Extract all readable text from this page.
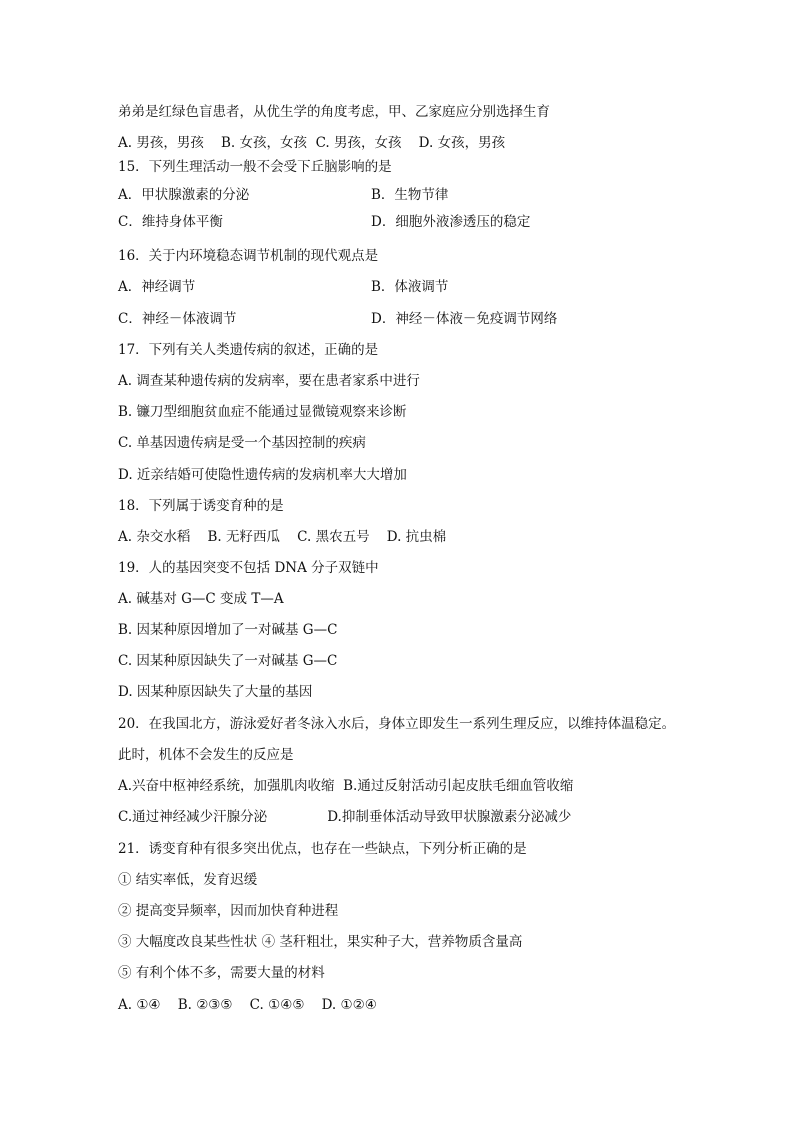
弟弟是红绿色盲患者，从优生学的角度考虑，甲、乙家庭应分别选择生育
A. 男孩，男孩    B. 女孩，女孩  C. 男孩，女孩    D. 女孩，男孩
15．下列生理活动一般不会受下丘脑影响的是
A．甲状腺激素的分泌	B．生物节律
C．维持身体平衡	D．细胞外液渗透压的稳定
16．关于内环境稳态调节机制的现代观点是
A．神经调节	B．体液调节
C．神经－体液调节	D．神经－体液－免疫调节网络
17．下列有关人类遗传病的叙述，正确的是
A. 调查某种遗传病的发病率，要在患者家系中进行
B. 镰刀型细胞贫血症不能通过显微镜观察来诊断
C. 单基因遗传病是受一个基因控制的疾病
D. 近亲结婚可使隐性遗传病的发病机率大大增加
18．下列属于诱变育种的是
A. 杂交水稻    B. 无籽西瓜    C. 黑农五号    D. 抗虫棉
19．人的基因突变不包括 DNA 分子双链中
A. 碱基对 G—C 变成 T—A
B. 因某种原因增加了一对碱基 G—C
C. 因某种原因缺失了一对碱基 G—C
D. 因某种原因缺失了大量的基因
20．在我国北方，游泳爱好者冬泳入水后，身体立即发生一系列生理反应，以维持体温稳定。
此时，机体不会发生的反应是
A.兴奋中枢神经系统，加强肌肉收缩  B.通过反射活动引起皮肤毛细血管收缩
C.通过神经减少汗腺分泌              D.抑制垂体活动导致甲状腺激素分泌减少
21．诱变育种有很多突出优点，也存在一些缺点，下列分析正确的是
① 结实率低，发育迟缓
② 提高变异频率，因而加快育种进程
③ 大幅度改良某些性状 ④ 茎秆粗壮，果实种子大，营养物质含量高
⑤ 有利个体不多，需要大量的材料
A. ①④    B. ②③⑤    C. ①④⑤    D. ①②④
